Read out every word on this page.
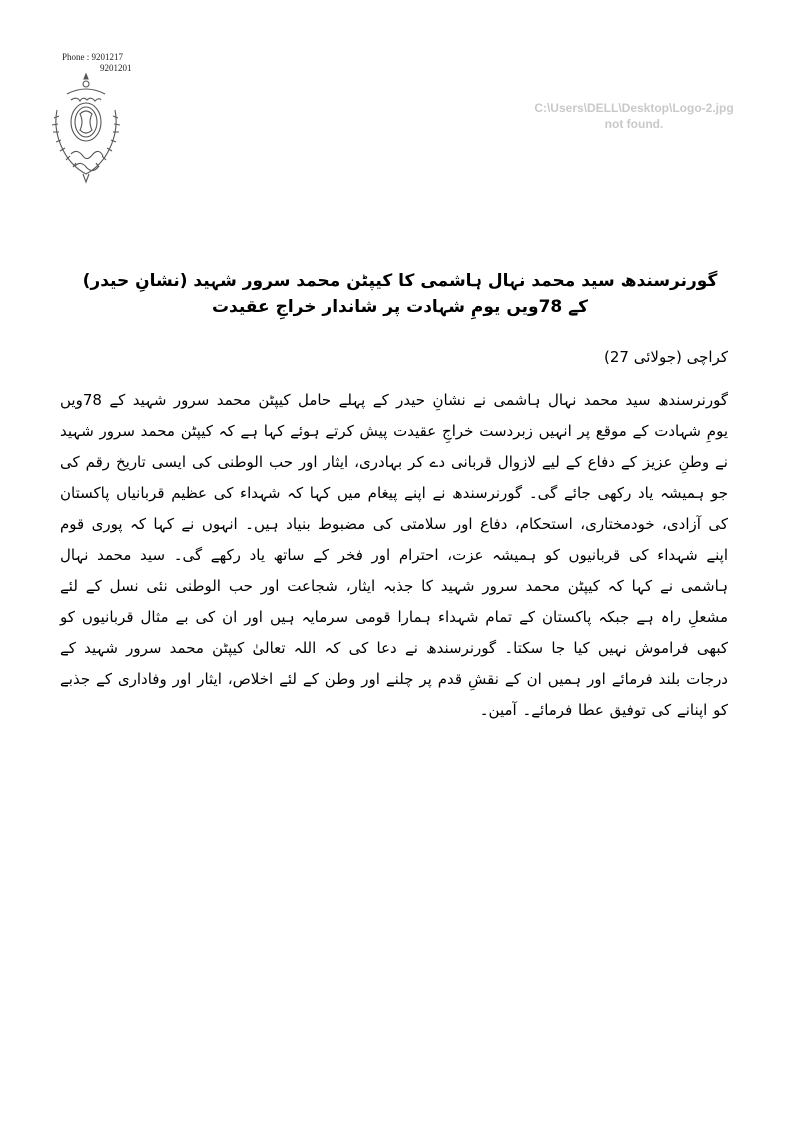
Phone : 9201217
9201201
C:\Users\DELL\Desktop\Logo-2.jpg
not found.
گورنرسندھ سید محمد نہال ہاشمی کا کیپٹن محمد سرور شہید (نشانِ حیدر) کے 78ویں یومِ شہادت پر شاندار خراجِ عقیدت
کراچی (جولائی 27)
گورنرسندھ سید محمد نہال ہاشمی نے نشانِ حیدر کے پہلے حامل کیپٹن محمد سرور شہید کے 78ویں یومِ شہادت کے موقع پر انہیں زبردست خراجِ عقیدت پیش کرتے ہوئے کہا ہے کہ کیپٹن محمد سرور شہید نے وطنِ عزیز کے دفاع کے لیے لازوال قربانی دے کر بہادری، ایثار اور حب الوطنی کی ایسی تاریخ رقم کی جو ہمیشہ یاد رکھی جائے گی۔ گورنرسندھ نے اپنے پیغام میں کہا کہ شہداء کی عظیم قربانیاں پاکستان کی آزادی، خودمختاری، استحکام، دفاع اور سلامتی کی مضبوط بنیاد ہیں۔ انہوں نے کہا کہ پوری قوم اپنے شہداء کی قربانیوں کو ہمیشہ عزت، احترام اور فخر کے ساتھ یاد رکھے گی۔ سید محمد نہال ہاشمی نے کہا کہ کیپٹن محمد سرور شہید کا جذبہ ایثار، شجاعت اور حب الوطنی نئی نسل کے لئے مشعلِ راہ ہے جبکہ پاکستان کے تمام شہداء ہمارا قومی سرمایہ ہیں اور ان کی بے مثال قربانیوں کو کبھی فراموش نہیں کیا جا سکتا۔ گورنرسندھ نے دعا کی کہ اللہ تعالیٰ کیپٹن محمد سرور شہید کے درجات بلند فرمائے اور ہمیں ان کے نقشِ قدم پر چلنے اور وطن کے لئے اخلاص، ایثار اور وفاداری کے جذبے کو اپنانے کی توفیق عطا فرمائے۔ آمین۔
